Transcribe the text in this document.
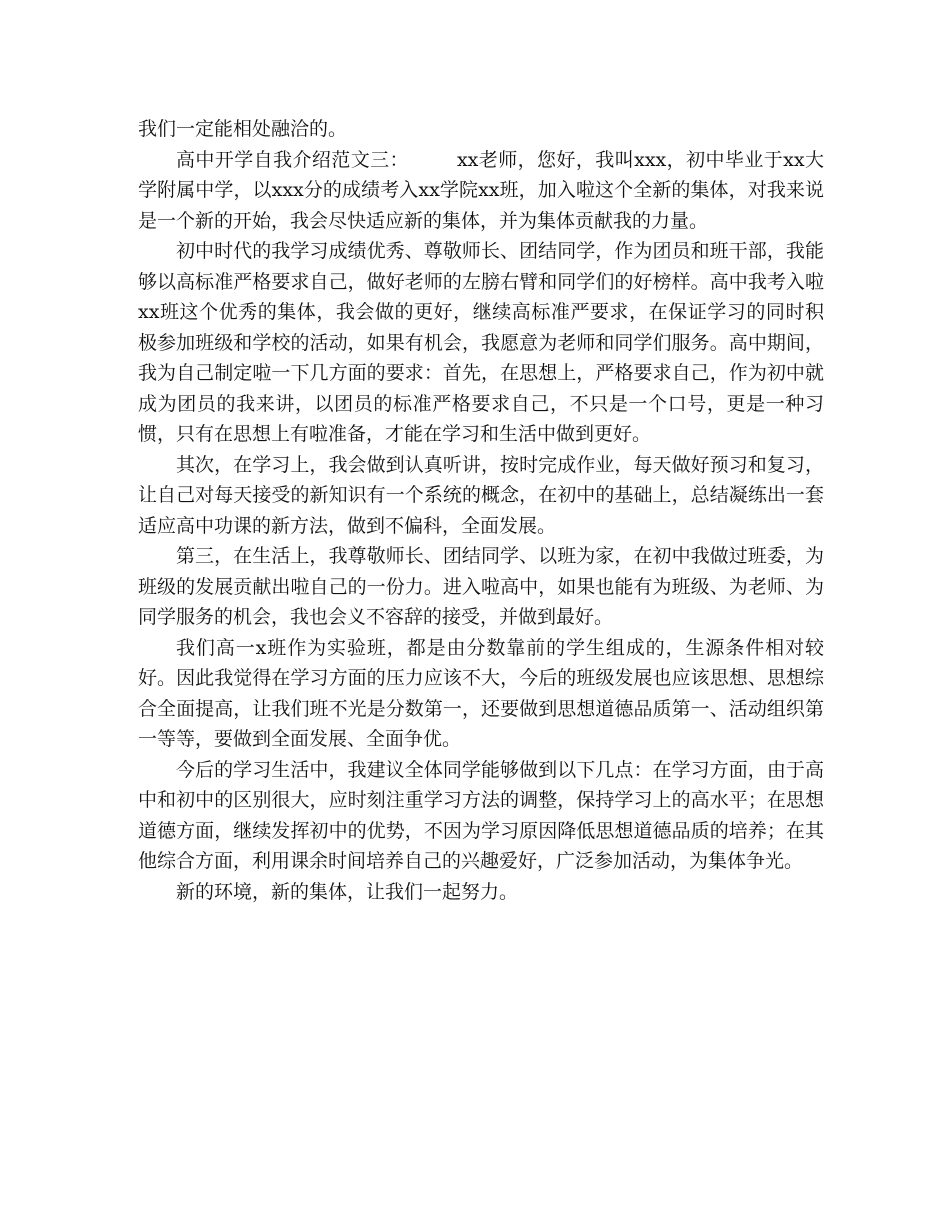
我们一定能相处融洽的。

高中开学自我介绍范文三：	xx老师，您好，我叫xxx，初中毕业于xx大学附属中学，以xxx分的成绩考入xx学院xx班，加入啦这个全新的集体，对我来说是一个新的开始，我会尽快适应新的集体，并为集体贡献我的力量。

初中时代的我学习成绩优秀、尊敬师长、团结同学，作为团员和班干部，我能够以高标准严格要求自己，做好老师的左膀右臂和同学们的好榜样。高中我考入啦xx班这个优秀的集体，我会做的更好，继续高标准严要求，在保证学习的同时积极参加班级和学校的活动，如果有机会，我愿意为老师和同学们服务。高中期间，我为自己制定啦一下几方面的要求：首先，在思想上，严格要求自己，作为初中就成为团员的我来讲，以团员的标准严格要求自己，不只是一个口号，更是一种习惯，只有在思想上有啦准备，才能在学习和生活中做到更好。

其次，在学习上，我会做到认真听讲，按时完成作业，每天做好预习和复习，让自己对每天接受的新知识有一个系统的概念，在初中的基础上，总结凝练出一套适应高中功课的新方法，做到不偏科，全面发展。

第三，在生活上，我尊敬师长、团结同学、以班为家，在初中我做过班委，为班级的发展贡献出啦自己的一份力。进入啦高中，如果也能有为班级、为老师、为同学服务的机会，我也会义不容辞的接受，并做到最好。

我们高一x班作为实验班，都是由分数靠前的学生组成的，生源条件相对较好。因此我觉得在学习方面的压力应该不大，今后的班级发展也应该思想、思想综合全面提高，让我们班不光是分数第一，还要做到思想道德品质第一、活动组织第一等等，要做到全面发展、全面争优。

今后的学习生活中，我建议全体同学能够做到以下几点：在学习方面，由于高中和初中的区别很大，应时刻注重学习方法的调整，保持学习上的高水平；在思想道德方面，继续发挥初中的优势，不因为学习原因降低思想道德品质的培养；在其他综合方面，利用课余时间培养自己的兴趣爱好，广泛参加活动，为集体争光。

新的环境，新的集体，让我们一起努力。
